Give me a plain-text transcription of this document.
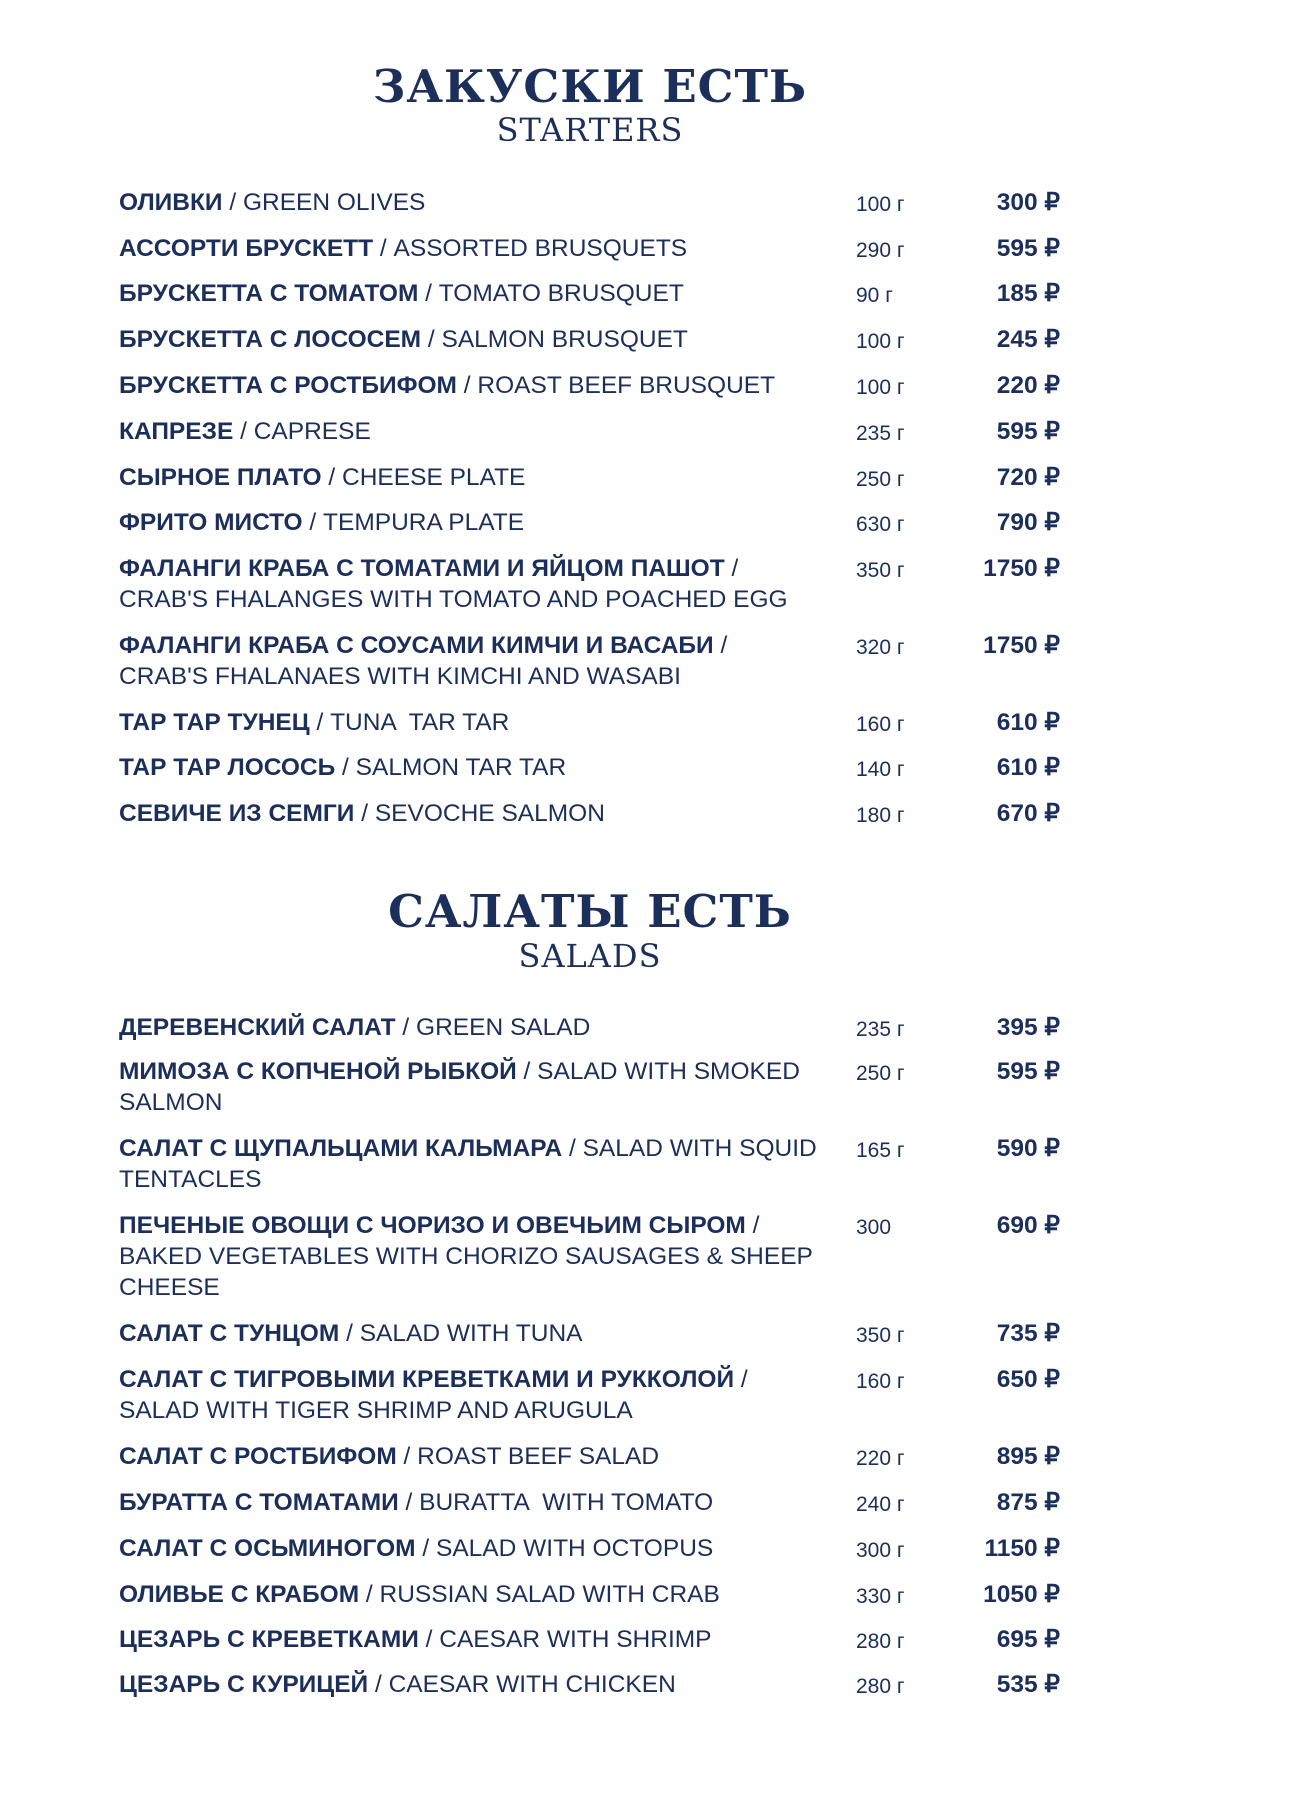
ЗАКУСКИ ЕСТЬ
STARTERS
ОЛИВКИ / GREEN OLIVES	100 г	300 ₽
АССОРТИ БРУСКЕТТ / ASSORTED BRUSQUETS	290 г	595 ₽
БРУСКЕТТА С ТОМАТОМ / TOMATO BRUSQUET	90 г	185 ₽
БРУСКЕТТА С ЛОСОСЕМ / SALMON BRUSQUET	100 г	245 ₽
БРУСКЕТТА С РОСТБИФОМ / ROAST BEEF BRUSQUET	100 г	220 ₽
КАПРЕЗЕ / CAPRESE	235 г	595 ₽
СЫРНОЕ ПЛАТО / CHEESE PLATE	250 г	720 ₽
ФРИТО МИСТО / TEMPURA PLATE	630 г	790 ₽
ФАЛАНГИ КРАБА С ТОМАТАМИ И ЯЙЦОМ ПАШОТ /
CRAB'S FHALANGES WITH TOMATO AND POACHED EGG
350 г	1750 ₽
ФАЛАНГИ КРАБА С СОУСАМИ КИМЧИ И ВАСАБИ /
CRAB'S FHALANAES WITH KIMCHI AND WASABI
320 г	1750 ₽
ТАР ТАР ТУНЕЦ / TUNA  TAR TAR	160 г	610 ₽
ТАР ТАР ЛОСОСЬ / SALMON TAR TAR	140 г	610 ₽
СЕВИЧЕ ИЗ СЕМГИ / SEVOCHE SALMON	180 г	670 ₽
САЛАТЫ ЕСТЬ
SALADS
ДЕРЕВЕНСКИЙ САЛАТ / GREEN SALAD	235 г	395 ₽
МИМОЗА С КОПЧЕНОЙ РЫБКОЙ / SALAD WITH SMOKED SALMON
250 г	595 ₽
САЛАТ С ЩУПАЛЬЦАМИ КАЛЬМАРА / SALAD WITH SQUID TENTACLES
165 г	590 ₽
ПЕЧЕНЫЕ ОВОЩИ С ЧОРИЗО И ОВЕЧЬИМ СЫРОМ /
BAKED VEGETABLES WITH CHORIZO SAUSAGES & SHEEP CHEESE
300	690 ₽
САЛАТ С ТУНЦОМ / SALAD WITH TUNA	350 г	735 ₽
САЛАТ С ТИГРОВЫМИ КРЕВЕТКАМИ И РУККОЛОЙ /
SALAD WITH TIGER SHRIMP AND ARUGULA
160 г	650 ₽
САЛАТ С РОСТБИФОМ / ROAST BEEF SALAD	220 г	895 ₽
БУРАТТА С ТОМАТАМИ / BURATTA  WITH TOMATO	240 г	875 ₽
САЛАТ С ОСЬМИНОГОМ / SALAD WITH OCTOPUS	300 г	1150 ₽
ОЛИВЬЕ С КРАБОМ / RUSSIAN SALAD WITH CRAB	330 г	1050 ₽
ЦЕЗАРЬ С КРЕВЕТКАМИ / CAESAR WITH SHRIMP	280 г	695 ₽
ЦЕЗАРЬ С КУРИЦЕЙ / CAESAR WITH CHICKEN	280 г	535 ₽
